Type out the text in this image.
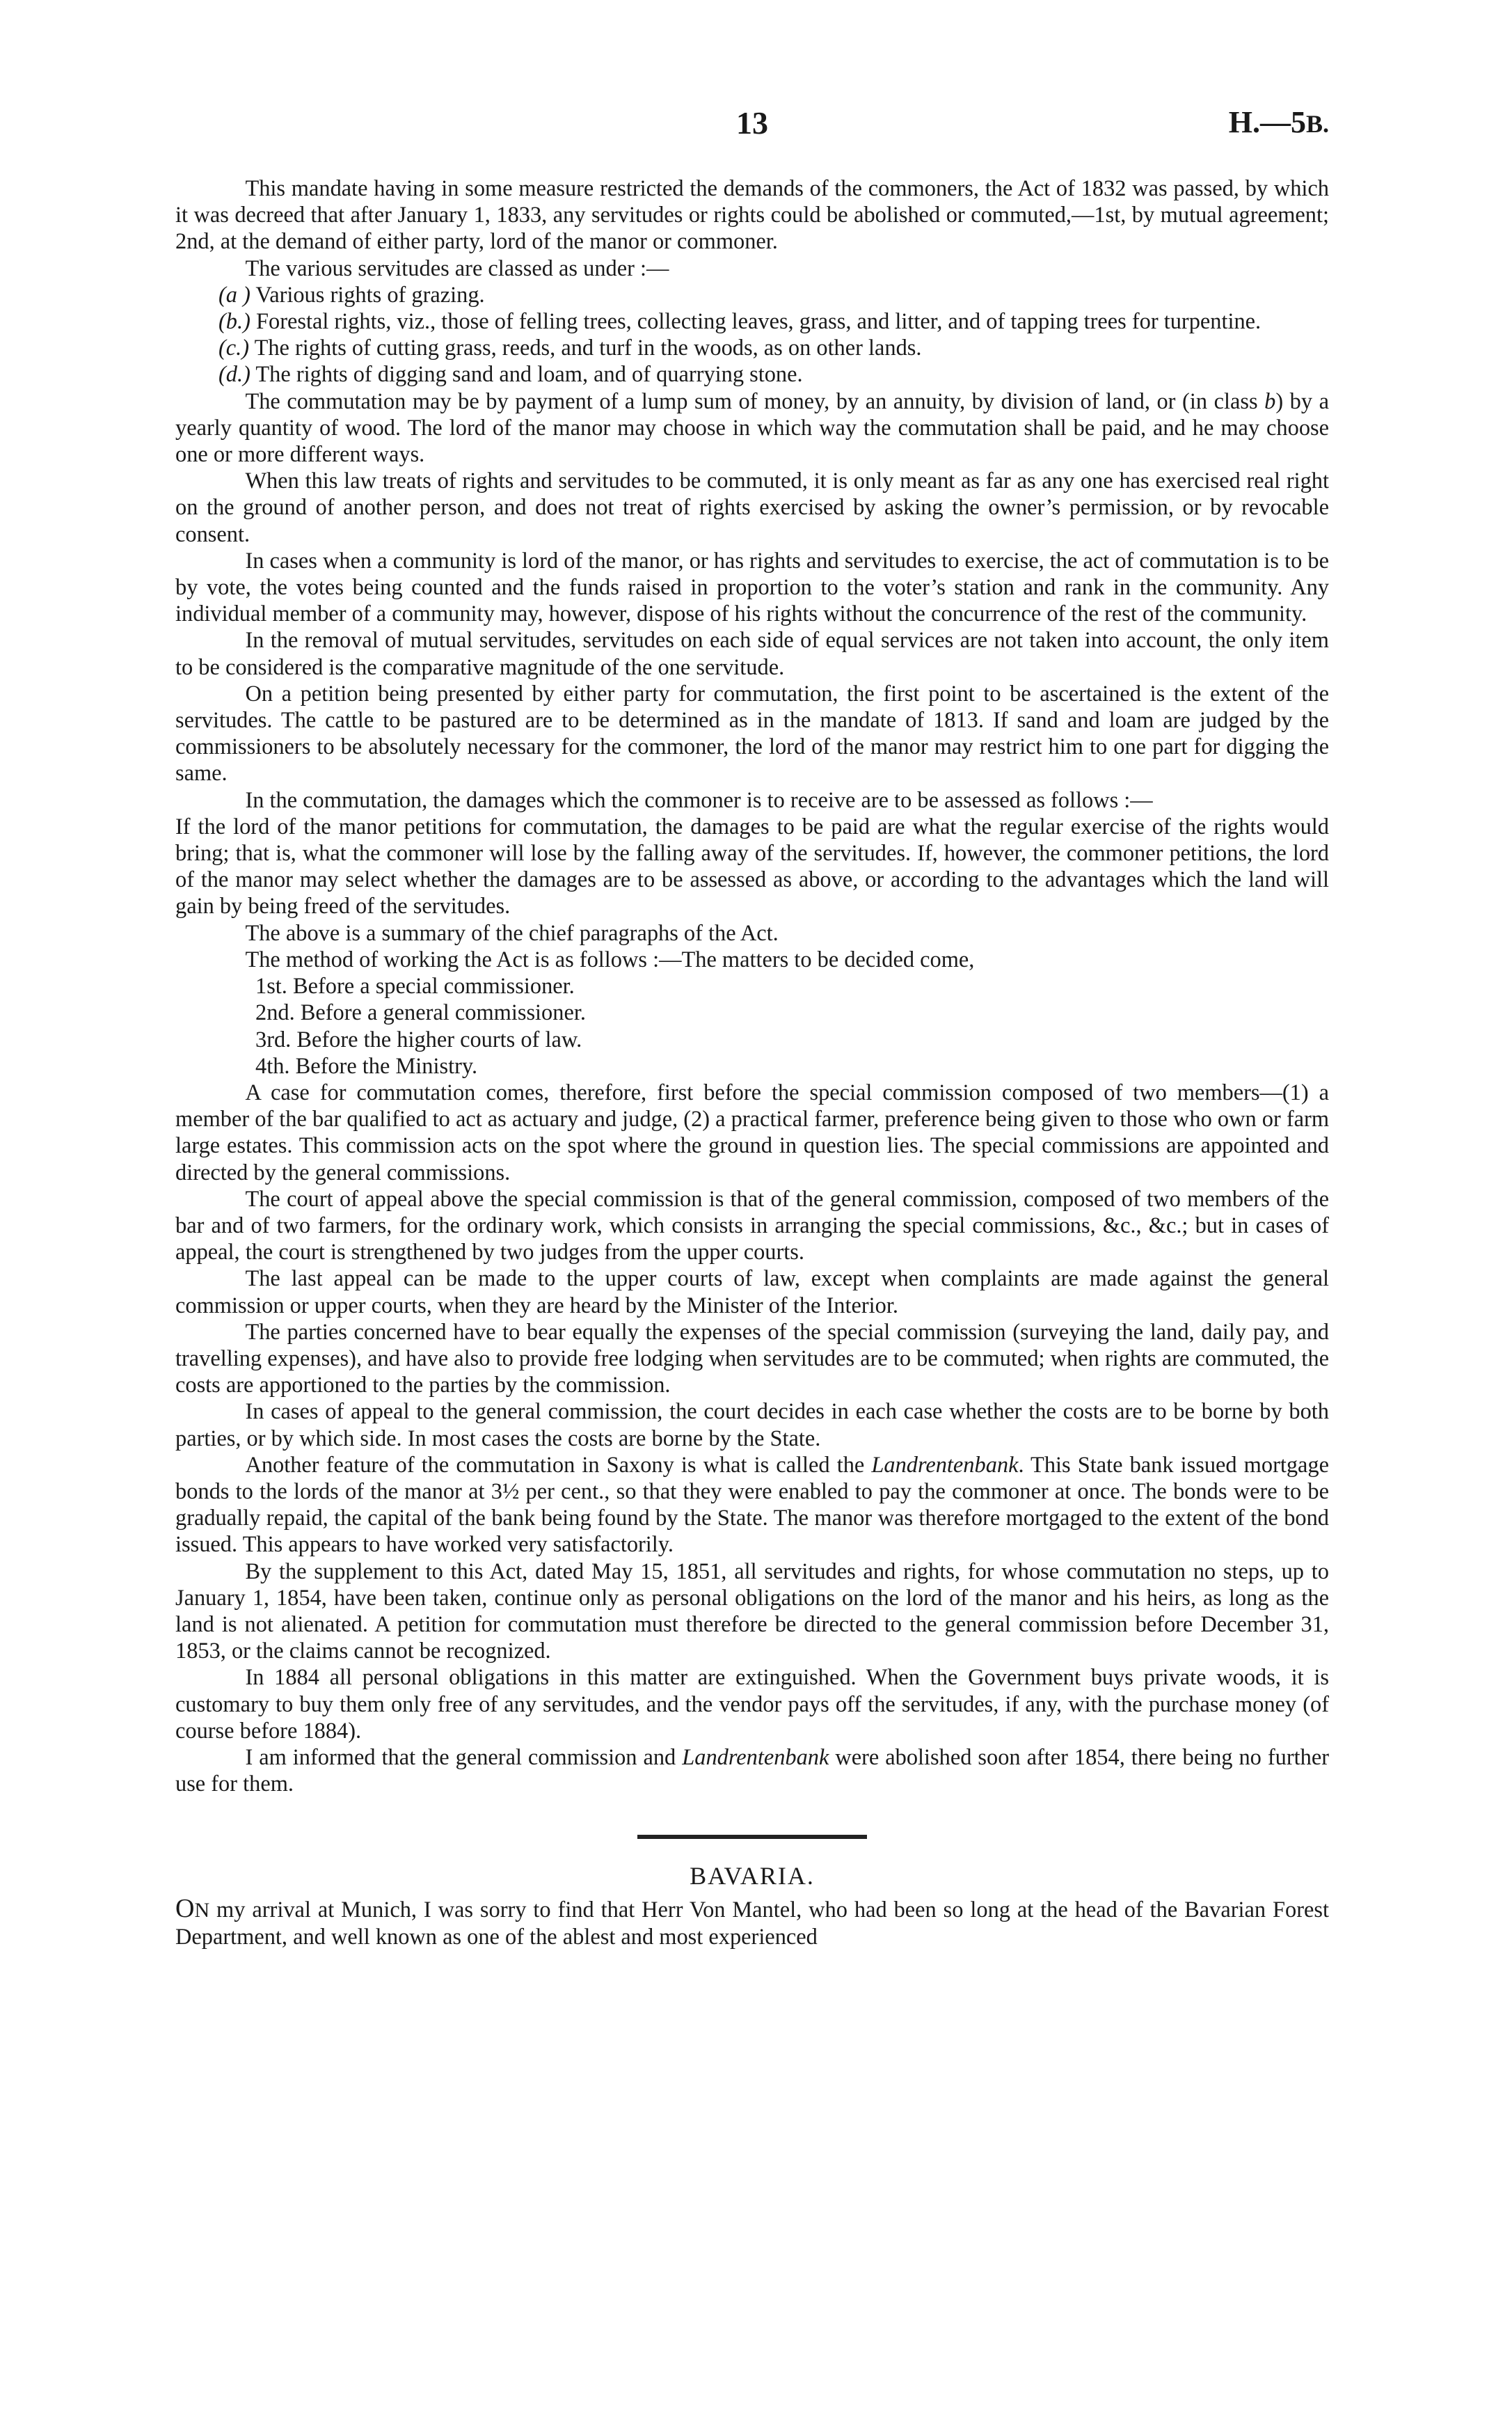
13	H.—5B.

This mandate having in some measure restricted the demands of the commoners, the Act of 1832 was passed, by which it was decreed that after January 1, 1833, any servitudes or rights could be abolished or commuted,—1st, by mutual agreement; 2nd, at the demand of either party, lord of the manor or commoner.

The various servitudes are classed as under :—

(a ) Various rights of grazing.
(b.) Forestal rights, viz., those of felling trees, collecting leaves, grass, and litter, and of tapping trees for turpentine.
(c.) The rights of cutting grass, reeds, and turf in the woods, as on other lands.
(d.) The rights of digging sand and loam, and of quarrying stone.

The commutation may be by payment of a lump sum of money, by an annuity, by division of land, or (in class b) by a yearly quantity of wood. The lord of the manor may choose in which way the commutation shall be paid, and he may choose one or more different ways.

When this law treats of rights and servitudes to be commuted, it is only meant as far as any one has exercised real right on the ground of another person, and does not treat of rights exercised by asking the owner’s permission, or by revocable consent.

In cases when a community is lord of the manor, or has rights and servitudes to exercise, the act of commutation is to be by vote, the votes being counted and the funds raised in proportion to the voter’s station and rank in the community. Any individual member of a community may, however, dispose of his rights without the concurrence of the rest of the community.

In the removal of mutual servitudes, servitudes on each side of equal services are not taken into account, the only item to be considered is the comparative magnitude of the one servitude.

On a petition being presented by either party for commutation, the first point to be ascertained is the extent of the servitudes. The cattle to be pastured are to be determined as in the mandate of 1813. If sand and loam are judged by the commissioners to be absolutely necessary for the commoner, the lord of the manor may restrict him to one part for digging the same.

In the commutation, the damages which the commoner is to receive are to be assessed as follows :—

If the lord of the manor petitions for commutation, the damages to be paid are what the regular exercise of the rights would bring; that is, what the commoner will lose by the falling away of the servitudes. If, however, the commoner petitions, the lord of the manor may select whether the damages are to be assessed as above, or according to the advantages which the land will gain by being freed of the servitudes.

The above is a summary of the chief paragraphs of the Act.

The method of working the Act is as follows :—The matters to be decided come,

1st. Before a special commissioner.
2nd. Before a general commissioner.
3rd. Before the higher courts of law.
4th. Before the Ministry.

A case for commutation comes, therefore, first before the special commission composed of two members—(1) a member of the bar qualified to act as actuary and judge, (2) a practical farmer, preference being given to those who own or farm large estates. This commission acts on the spot where the ground in question lies. The special commissions are appointed and directed by the general commissions.

The court of appeal above the special commission is that of the general commission, composed of two members of the bar and of two farmers, for the ordinary work, which consists in arranging the special commissions, &c., &c.; but in cases of appeal, the court is strengthened by two judges from the upper courts.

The last appeal can be made to the upper courts of law, except when complaints are made against the general commission or upper courts, when they are heard by the Minister of the Interior.

The parties concerned have to bear equally the expenses of the special commission (surveying the land, daily pay, and travelling expenses), and have also to provide free lodging when servitudes are to be commuted; when rights are commuted, the costs are apportioned to the parties by the commission.

In cases of appeal to the general commission, the court decides in each case whether the costs are to be borne by both parties, or by which side. In most cases the costs are borne by the State.

Another feature of the commutation in Saxony is what is called the Landrentenbank. This State bank issued mortgage bonds to the lords of the manor at 3½ per cent., so that they were enabled to pay the commoner at once. The bonds were to be gradually repaid, the capital of the bank being found by the State. The manor was therefore mortgaged to the extent of the bond issued. This appears to have worked very satisfactorily.

By the supplement to this Act, dated May 15, 1851, all servitudes and rights, for whose commutation no steps, up to January 1, 1854, have been taken, continue only as personal obligations on the lord of the manor and his heirs, as long as the land is not alienated. A petition for commutation must therefore be directed to the general commission before December 31, 1853, or the claims cannot be recognized.

In 1884 all personal obligations in this matter are extinguished. When the Government buys private woods, it is customary to buy them only free of any servitudes, and the vendor pays off the servitudes, if any, with the purchase money (of course before 1884).

I am informed that the general commission and Landrentenbank were abolished soon after 1854, there being no further use for them.

BAVARIA.

ON my arrival at Munich, I was sorry to find that Herr Von Mantel, who had been so long at the head of the Bavarian Forest Department, and well known as one of the ablest and most experienced
